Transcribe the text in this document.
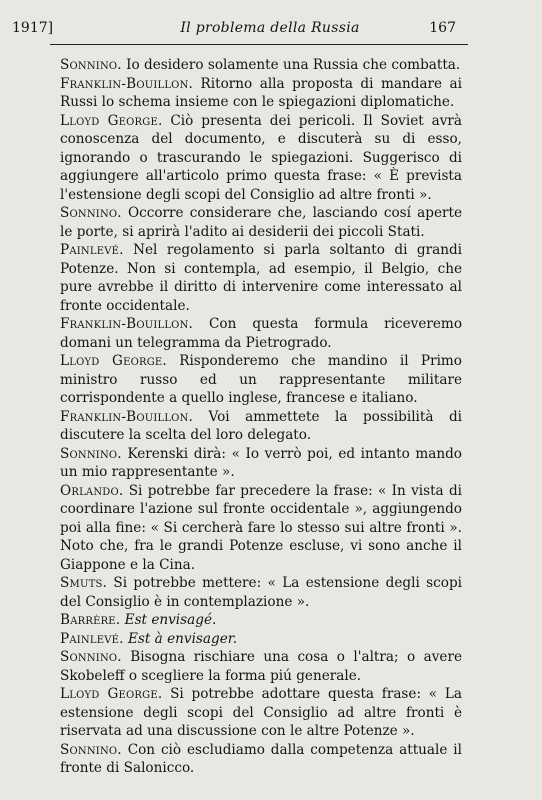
1917]	Il problema della Russia	167

Sonnino. Io desidero solamente una Russia che combatta.

Franklin-Bouillon. Ritorno alla proposta di mandare ai Russi lo schema insieme con le spiegazioni diplomatiche.

Lloyd George. Ciò presenta dei pericoli. Il Soviet avrà conoscenza del documento, e discuterà su di esso, ignorando o trascurando le spiegazioni. Suggerisco di aggiungere all'articolo primo questa frase: « È prevista l'estensione degli scopi del Consiglio ad altre fronti ».

Sonnino. Occorre considerare che, lasciando cosí aperte le porte, si aprirà l'adito ai desiderii dei piccoli Stati.

Painlevé. Nel regolamento si parla soltanto di grandi Potenze. Non si contempla, ad esempio, il Belgio, che pure avrebbe il diritto di intervenire come interessato al fronte occidentale.

Franklin-Bouillon. Con questa formula riceveremo domani un telegramma da Pietrogrado.

Lloyd George. Risponderemo che mandino il Primo ministro russo ed un rappresentante militare corrispondente a quello inglese, francese e italiano.

Franklin-Bouillon. Voi ammettete la possibilità di discutere la scelta del loro delegato.

Sonnino. Kerenski dirà: « Io verrò poi, ed intanto mando un mio rappresentante ».

Orlando. Si potrebbe far precedere la frase: « In vista di coordinare l'azione sul fronte occidentale », aggiungendo poi alla fine: « Si cercherà fare lo stesso sui altre fronti ». Noto che, fra le grandi Potenze escluse, vi sono anche il Giappone e la Cina.

Smuts. Si potrebbe mettere: « La estensione degli scopi del Consiglio è in contemplazione ».

Barrère. Est envisagé.

Painlevé. Est à envisager.

Sonnino. Bisogna rischiare una cosa o l'altra; o avere Skobeleff o scegliere la forma piú generale.

Lloyd George. Si potrebbe adottare questa frase: « La estensione degli scopi del Consiglio ad altre fronti è riservata ad una discussione con le altre Potenze ».

Sonnino. Con ciò escludiamo dalla competenza attuale il fronte di Salonicco.
